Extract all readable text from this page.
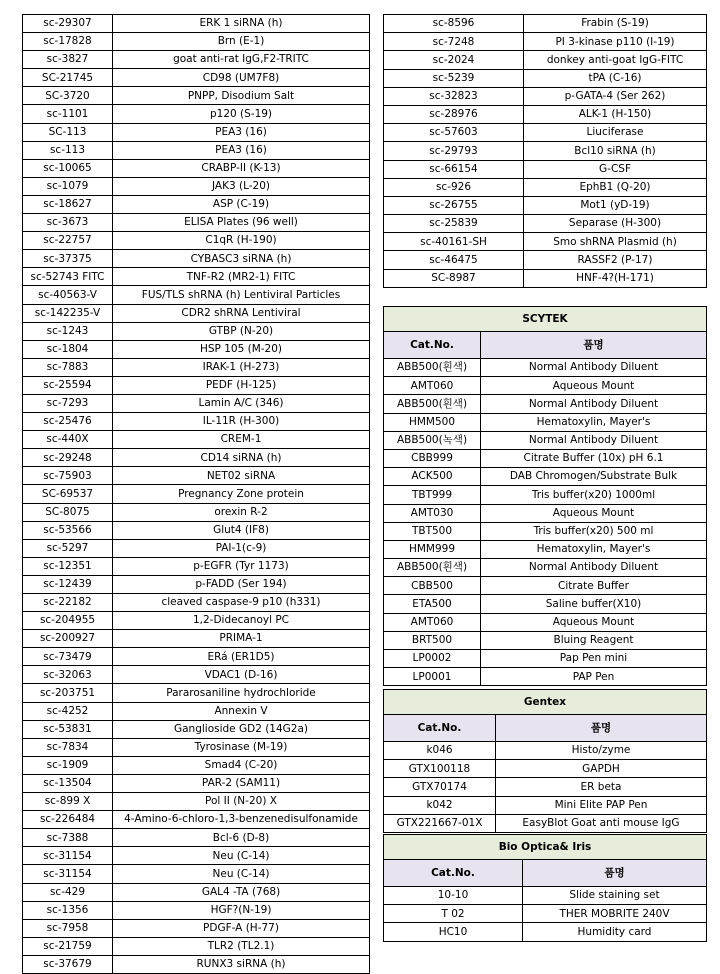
sc-29307	ERK 1 siRNA (h)
sc-17828	Brn (E-1)
sc-3827	goat anti-rat IgG,F2-TRITC
SC-21745	CD98 (UM7F8)
SC-3720	PNPP, Disodium Salt
sc-1101	p120 (S-19)
SC-113	PEA3 (16)
sc-113	PEA3 (16)
sc-10065	CRABP-II (K-13)
sc-1079	JAK3 (L-20)
sc-18627	ASP (C-19)
sc-3673	ELISA Plates (96 well)
sc-22757	C1qR (H-190)
sc-37375	CYBASC3 siRNA (h)
sc-52743 FITC	TNF-R2 (MR2-1) FITC
sc-40563-V	FUS/TLS shRNA (h) Lentiviral Particles
sc-142235-V	CDR2 shRNA Lentiviral
sc-1243	GTBP (N-20)
sc-1804	HSP 105 (M-20)
sc-7883	IRAK-1 (H-273)
sc-25594	PEDF (H-125)
sc-7293	Lamin A/C (346)
sc-25476	IL-11R (H-300)
sc-440X	CREM-1
sc-29248	CD14 siRNA (h)
sc-75903	NET02 siRNA
SC-69537	Pregnancy Zone protein
SC-8075	orexin R-2
sc-53566	Glut4 (IF8)
sc-5297	PAI-1(c-9)
sc-12351	p-EGFR (Tyr 1173)
sc-12439	p-FADD (Ser 194)
sc-22182	cleaved caspase-9 p10 (h331)
sc-204955	1,2-Didecanoyl PC
sc-200927	PRIMA-1
sc-73479	ERá (ER1D5)
sc-32063	VDAC1 (D-16)
sc-203751	Pararosaniline hydrochloride
sc-4252	Annexin V
sc-53831	Ganglioside GD2 (14G2a)
sc-7834	Tyrosinase (M-19)
sc-1909	Smad4 (C-20)
sc-13504	PAR-2 (SAM11)
sc-899 X	Pol II (N-20) X
sc-226484	4-Amino-6-chloro-1,3-benzenedisulfonamide
sc-7388	Bcl-6 (D-8)
sc-31154	Neu (C-14)
sc-31154	Neu (C-14)
sc-429	GAL4 -TA (768)
sc-1356	HGF?(N-19)
sc-7958	PDGF-A (H-77)
sc-21759	TLR2 (TL2.1)
sc-37679	RUNX3 siRNA (h)
sc-8596	Frabin (S-19)
sc-7248	PI 3-kinase p110 (I-19)
sc-2024	donkey anti-goat IgG-FITC
sc-5239	tPA (C-16)
sc-32823	p-GATA-4 (Ser 262)
sc-28976	ALK-1 (H-150)
sc-57603	Liuciferase
sc-29793	Bcl10 siRNA (h)
sc-66154	G-CSF
sc-926	EphB1 (Q-20)
sc-26755	Mot1 (yD-19)
sc-25839	Separase (H-300)
sc-40161-SH	Smo shRNA Plasmid (h)
sc-46475	RASSF2 (P-17)
SC-8987	HNF-4?(H-171)
SCYTEK	
Cat.No.	품명
ABB500(흰색)	Normal Antibody Diluent
AMT060	Aqueous Mount
ABB500(흰색)	Normal Antibody Diluent
HMM500	Hematoxylin, Mayer's
ABB500(녹색)	Normal Antibody Diluent
CBB999	Citrate Buffer (10x) pH 6.1
ACK500	DAB Chromogen/Substrate Bulk
TBT999	Tris buffer(x20) 1000ml
AMT030	Aqueous Mount
TBT500	Tris buffer(x20) 500 ml
HMM999	Hematoxylin, Mayer's
ABB500(흰색)	Normal Antibody Diluent
CBB500	Citrate Buffer
ETA500	Saline buffer(X10)
AMT060	Aqueous Mount
BRT500	Bluing Reagent
LP0002	Pap Pen mini
LP0001	PAP Pen
Gentex	
Cat.No.	품명
k046	Histo/zyme
GTX100118	GAPDH
GTX70174	ER beta
k042	Mini Elite PAP Pen
GTX221667-01X	EasyBlot Goat anti mouse IgG
Bio Optica& Iris	
Cat.No.	품명
10-10	Slide staining set
T 02	THER MOBRITE 240V
HC10	Humidity card
